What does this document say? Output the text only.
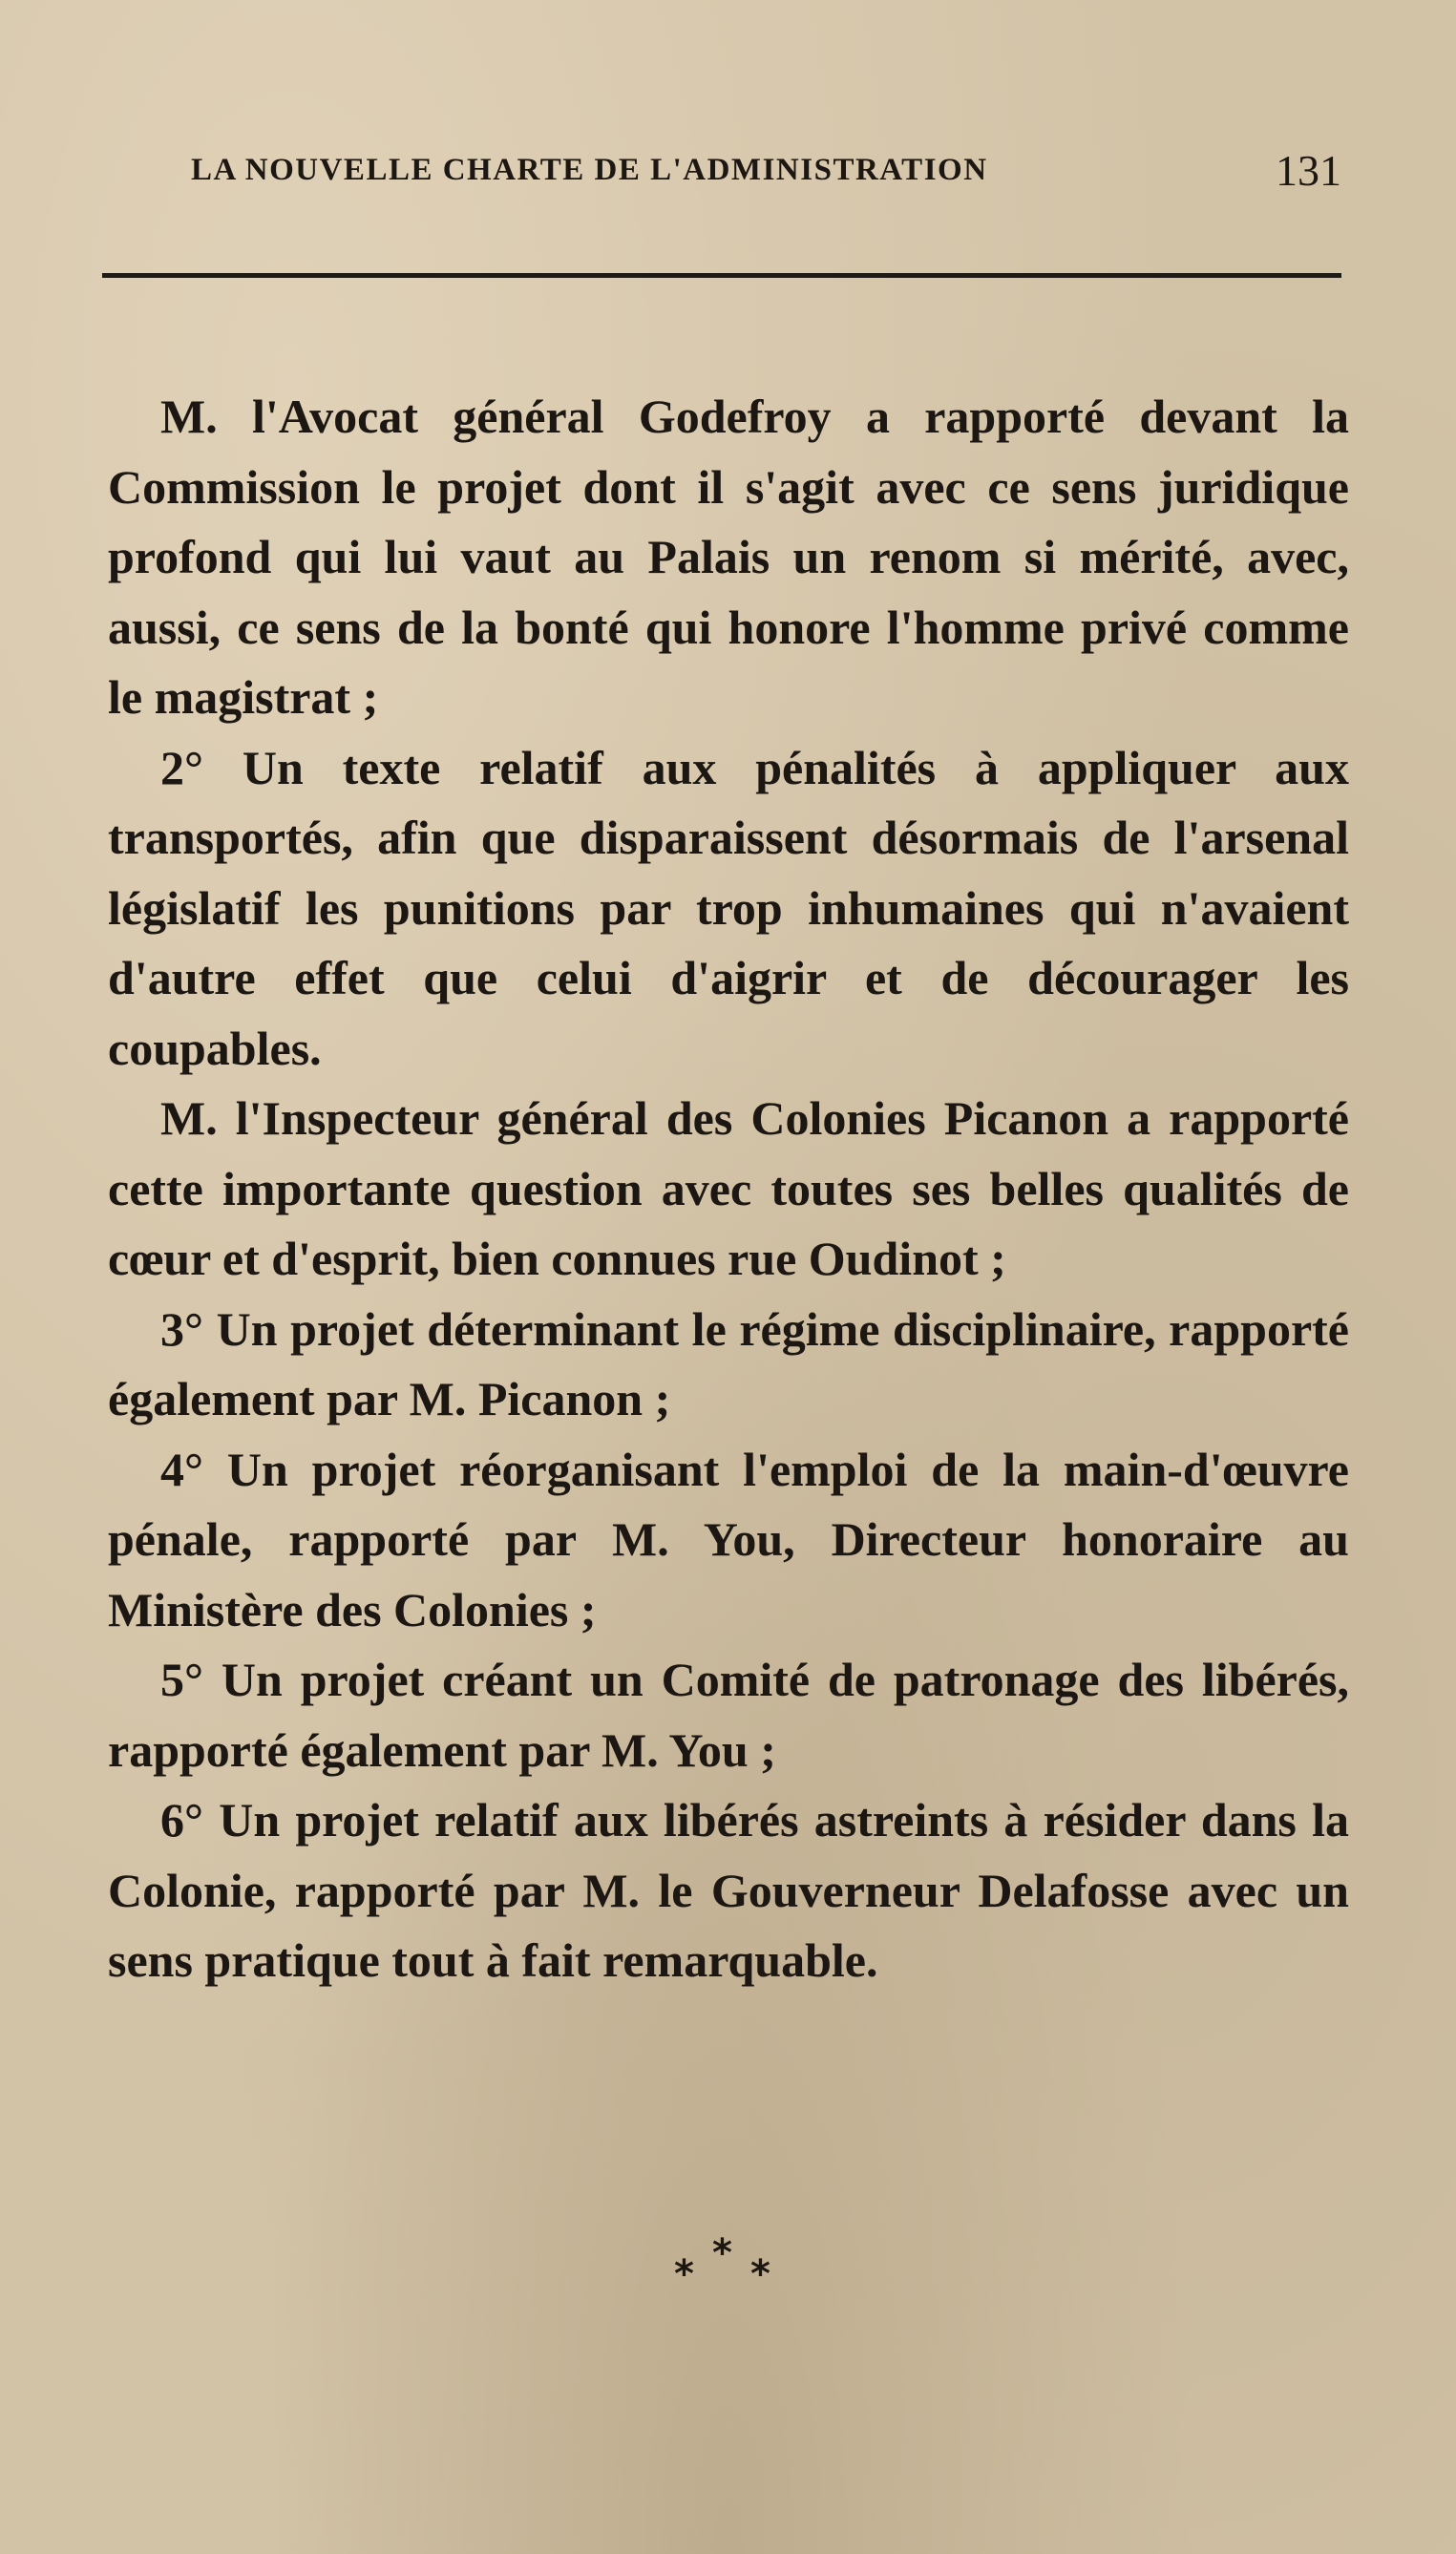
LA NOUVELLE CHARTE DE L'ADMINISTRATION	131

M. l'Avocat général Godefroy a rapporté devant la Commission le projet dont il s'agit avec ce sens juridique profond qui lui vaut au Palais un renom si mérité, avec, aussi, ce sens de la bonté qui honore l'homme privé comme le magistrat ;

2° Un texte relatif aux pénalités à appliquer aux transportés, afin que disparaissent désormais de l'arsenal législatif les punitions par trop inhumaines qui n'avaient d'autre effet que celui d'aigrir et de décourager les coupables.

M. l'Inspecteur général des Colonies Picanon a rapporté cette importante question avec toutes ses belles qualités de cœur et d'esprit, bien connues rue Oudinot ;

3° Un projet déterminant le régime disciplinaire, rapporté également par M. Picanon ;

4° Un projet réorganisant l'emploi de la main-d'œuvre pénale, rapporté par M. You, Directeur honoraire au Ministère des Colonies ;

5° Un projet créant un Comité de patronage des libérés, rapporté également par M. You ;

6° Un projet relatif aux libérés astreints à résider dans la Colonie, rapporté par M. le Gouverneur Delafosse avec un sens pratique tout à fait remarquable.

*
* *
